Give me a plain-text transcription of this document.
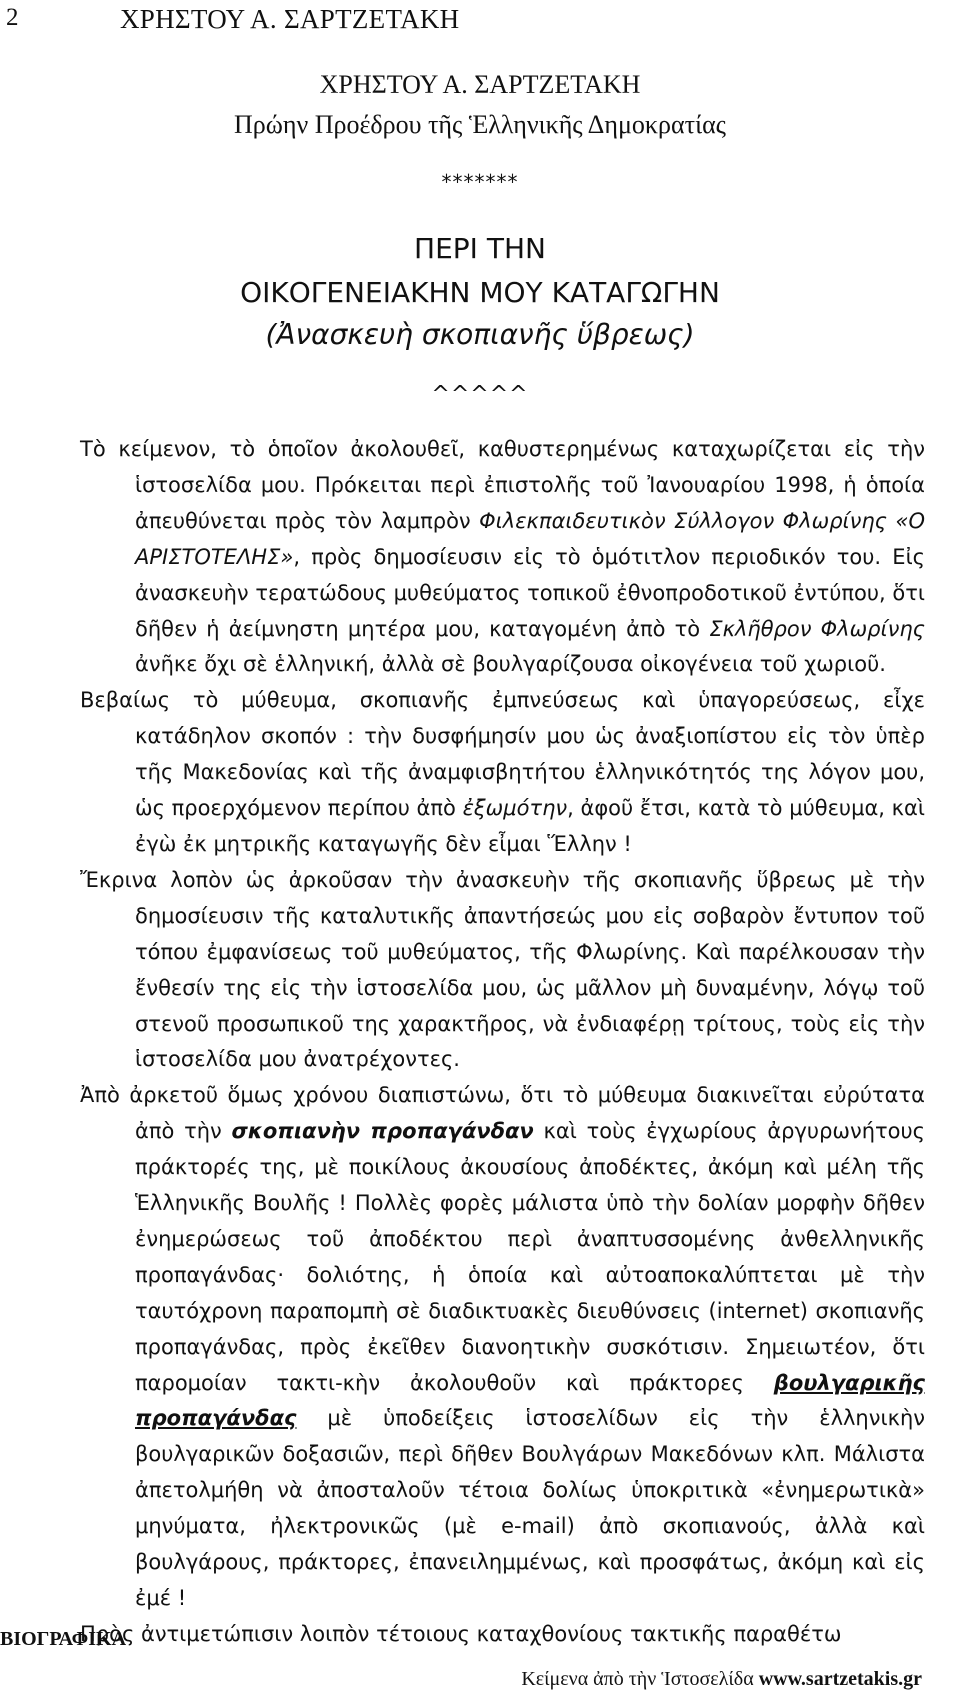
2	ΧΡΗΣΤΟΥ Α. ΣΑΡΤΖΕΤΑΚΗ
ΧΡΗΣΤΟΥ Α. ΣΑΡΤΖΕΤΑΚΗ
Πρώην Προέδρου τῆς Ἑλληνικῆς Δημοκρατίας
*******
ΠΕΡΙ ΤΗΝ
ΟΙΚΟΓΕΝΕΙΑΚΗΝ ΜΟΥ ΚΑΤΑΓΩΓΗΝ
(Ἀνασκευὴ σκοπιανῆς ὕβρεως)
^^^^^

Τὸ κείμενον, τὸ ὁποῖον ἀκολουθεῖ, καθυστερημένως καταχωρίζεται εἰς τὴν ἱστοσελίδα μου. Πρόκειται περὶ ἐπιστολῆς τοῦ Ἰανουαρίου 1998, ἡ ὁποία ἀπευθύνεται πρὸς τὸν λαμπρὸν Φιλεκπαιδευτικὸν Σύλλογον Φλωρίνης «Ο ΑΡΙΣΤΟΤΕΛΗΣ», πρὸς δημοσίευσιν εἰς τὸ ὁμότιτλον περιοδικόν του. Εἰς ἀνασκευὴν τερατώδους μυθεύματος τοπικοῦ ἐθνοπροδοτικοῦ ἐντύπου, ὅτι δῆθεν ἡ ἀείμνηστη μητέρα μου, καταγομένη ἀπὸ τὸ Σκλῆθρον Φλωρίνης ἀνῆκε ὄχι σὲ ἑλληνική, ἀλλὰ σὲ βουλγαρίζουσα οἰκογένεια τοῦ χωριοῦ.

Βεβαίως τὸ μύθευμα, σκοπιανῆς ἐμπνεύσεως καὶ ὑπαγορεύσεως, εἶχε κατάδηλον σκοπόν : τὴν δυσφήμησίν μου ὡς ἀναξιοπίστου εἰς τὸν ὑπὲρ τῆς Μακεδονίας καὶ τῆς ἀναμφισβητήτου ἑλληνικότητός της λόγον μου, ὡς προερχόμενον περίπου ἀπὸ ἐξωμότην, ἀφοῦ ἔτσι, κατὰ τὸ μύθευμα, καὶ ἐγὼ ἐκ μητρικῆς καταγωγῆς δὲν εἶμαι Ἕλλην !

Ἔκρινα λοπὸν ὡς ἀρκοῦσαν τὴν ἀνασκευὴν τῆς σκοπιανῆς ὕβρεως μὲ τὴν δημοσίευσιν τῆς καταλυτικῆς ἀπαντήσεώς μου εἰς σοβαρὸν ἔντυπον τοῦ τόπου ἐμφανίσεως τοῦ μυθεύματος, τῆς Φλωρίνης. Καὶ παρέλκουσαν τὴν ἔνθεσίν της εἰς τὴν ἱστοσελίδα μου, ὡς μᾶλλον μὴ δυναμένην, λόγῳ τοῦ στενοῦ προσωπικοῦ της χαρακτῆρος, νὰ ἐνδιαφέρῃ τρίτους, τοὺς εἰς τὴν ἱστοσελίδα μου ἀνατρέχοντες.

Ἀπὸ ἀρκετοῦ ὅμως χρόνου διαπιστώνω, ὅτι τὸ μύθευμα διακινεῖται εὐρύτατα ἀπὸ τὴν σκοπιανὴν προπαγάνδαν καὶ τοὺς ἐγχωρίους ἀργυρωνήτους πράκτορές της, μὲ ποικίλους ἀκουσίους ἀποδέκτες, ἀκόμη καὶ μέλη τῆς Ἑλληνικῆς Βουλῆς ! Πολλὲς φορὲς μάλιστα ὑπὸ τὴν δολίαν μορφὴν δῆθεν ἐνημερώσεως τοῦ ἀποδέκτου περὶ ἀναπτυσσομένης ἀνθελληνικῆς προπαγάνδας· δολιότης, ἡ ὁποία καὶ αὐτοαποκαλύπτεται μὲ τὴν ταυτόχρονη παραπομπὴ σὲ διαδικτυακὲς διευθύνσεις (internet) σκοπιανῆς προπαγάνδας, πρὸς ἐκεῖθεν διανοητικὴν συσκότισιν. Σημειωτέον, ὅτι παρομοίαν τακτι-κὴν ἀκολουθοῦν καὶ πράκτορες βουλγαρικῆς προπαγάνδας μὲ ὑποδείξεις ἱστοσελίδων εἰς τὴν ἑλληνικὴν βουλγαρικῶν δοξασιῶν, περὶ δῆθεν Βουλγάρων Μακεδόνων κλπ. Μάλιστα ἀπετολμήθη νὰ ἀποσταλοῦν τέτοια δολίως ὑποκριτικὰ «ἐνημερωτικὰ» μηνύματα, ἠλεκτρονικῶς (μὲ e-mail) ἀπὸ σκοπιανούς, ἀλλὰ καὶ βουλγάρους, πράκτορες, ἐπανειλημμένως, καὶ προσφάτως, ἀκόμη καὶ εἰς ἐμέ !

Πρὸς ἀντιμετώπισιν λοιπὸν τέτοιους καταχθονίους τακτικῆς παραθέτω

ΒΙΟΓΡΑΦΙΚΑ
Κείμενα ἀπὸ τὴν Ἱστοσελίδα www.sartzetakis.gr
